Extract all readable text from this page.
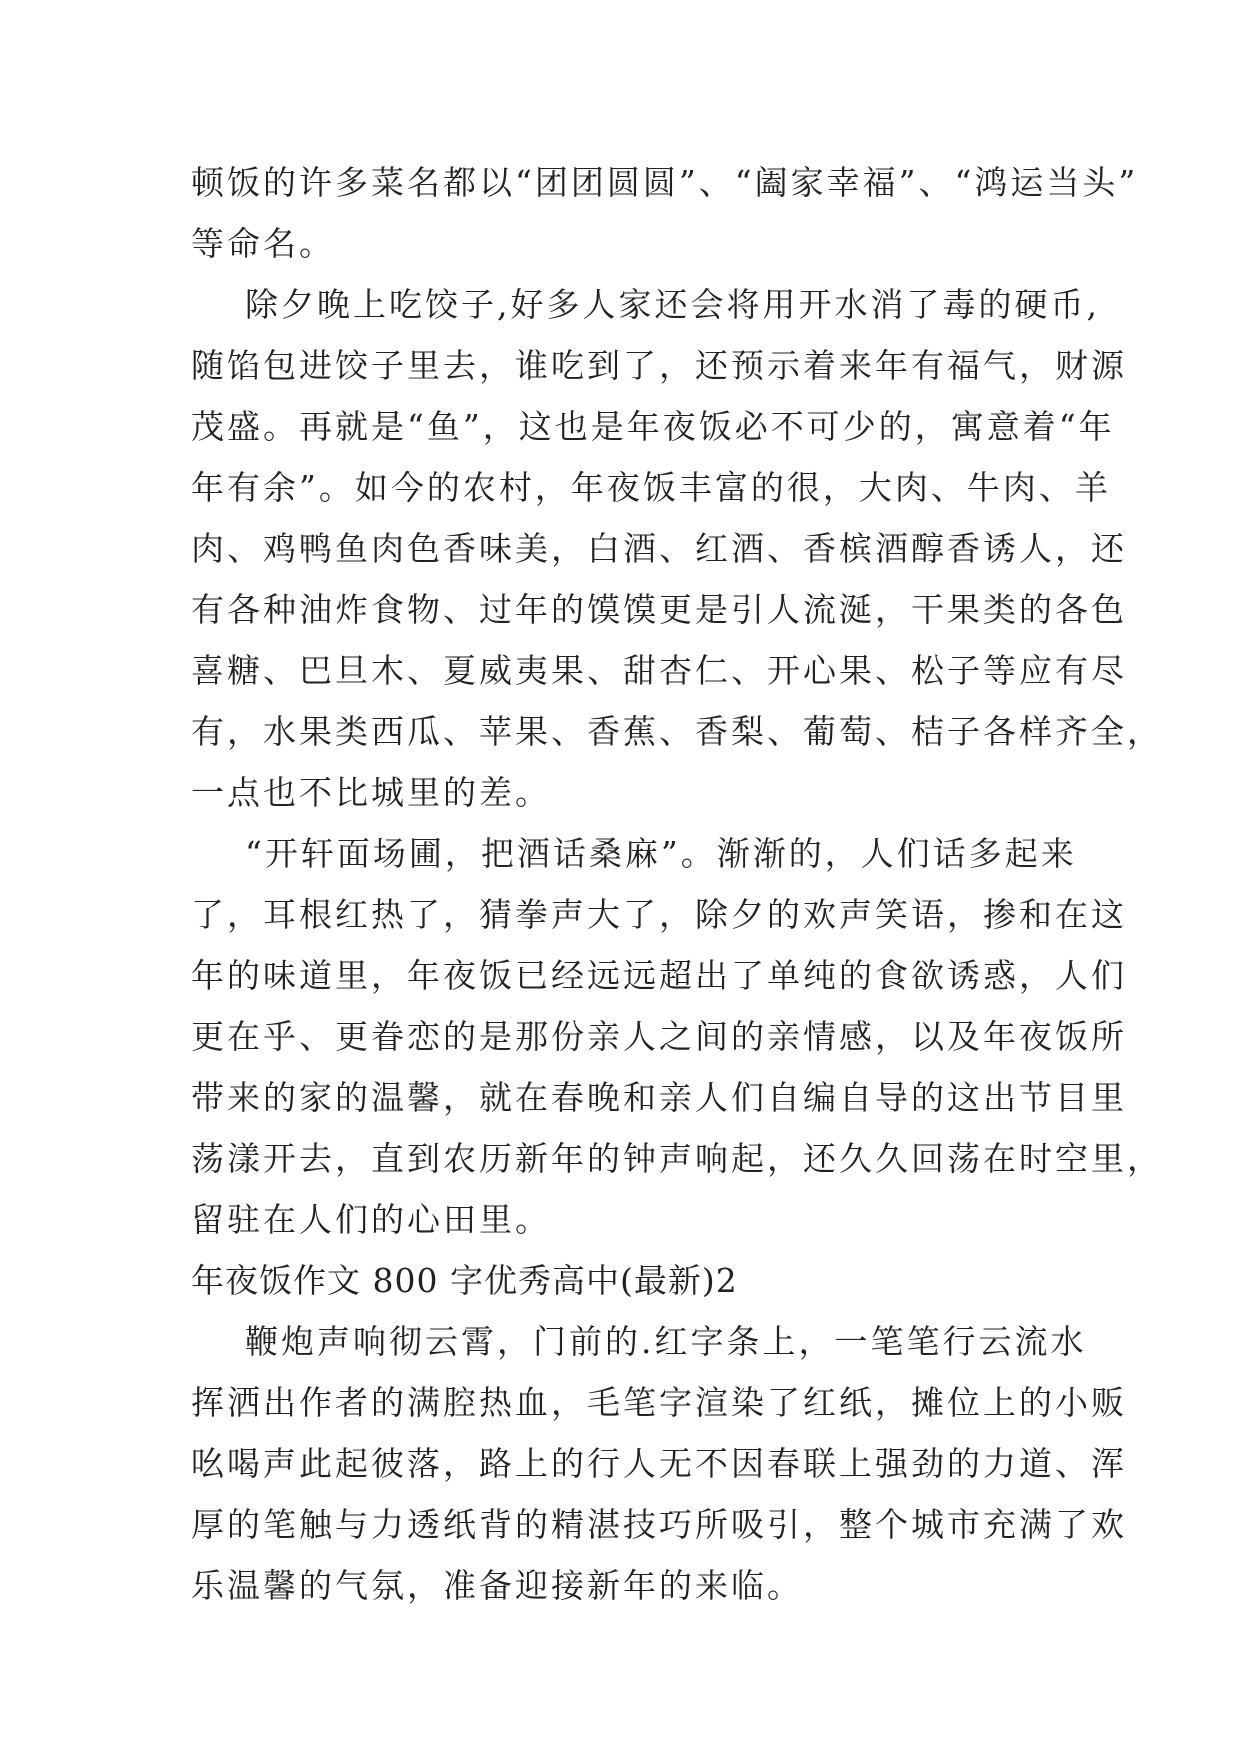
顿饭的许多菜名都以“团团圆圆”、“阖家幸福”、“鸿运当头”
等命名。
除夕晚上吃饺子,好多人家还会将用开水消了毒的硬币,
随馅包进饺子里去，谁吃到了，还预示着来年有福气，财源
茂盛。再就是“鱼”，这也是年夜饭必不可少的，寓意着“年
年有余”。如今的农村，年夜饭丰富的很，大肉、牛肉、羊
肉、鸡鸭鱼肉色香味美，白酒、红酒、香槟酒醇香诱人，还
有各种油炸食物、过年的馍馍更是引人流涎，干果类的各色
喜糖、巴旦木、夏威夷果、甜杏仁、开心果、松子等应有尽
有，水果类西瓜、苹果、香蕉、香梨、葡萄、桔子各样齐全，
一点也不比城里的差。
“开轩面场圃，把酒话桑麻”。渐渐的，人们话多起来
了，耳根红热了，猜拳声大了，除夕的欢声笑语，掺和在这
年的味道里，年夜饭已经远远超出了单纯的食欲诱惑，人们
更在乎、更眷恋的是那份亲人之间的亲情感，以及年夜饭所
带来的家的温馨，就在春晚和亲人们自编自导的这出节目里
荡漾开去，直到农历新年的钟声响起，还久久回荡在时空里，
留驻在人们的心田里。
年夜饭作文 800 字优秀高中(最新)2
鞭炮声响彻云霄，门前的.红字条上，一笔笔行云流水
挥洒出作者的满腔热血，毛笔字渲染了红纸，摊位上的小贩
吆喝声此起彼落，路上的行人无不因春联上强劲的力道、浑
厚的笔触与力透纸背的精湛技巧所吸引，整个城市充满了欢
乐温馨的气氛，准备迎接新年的来临。
